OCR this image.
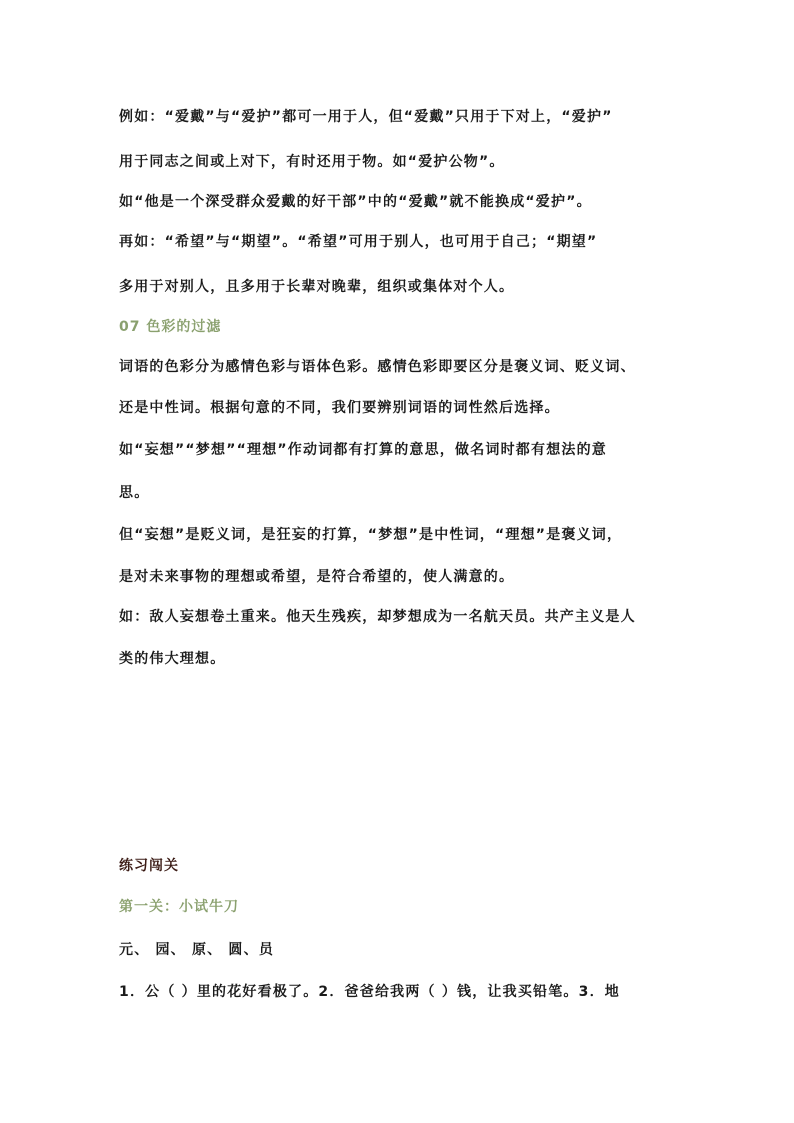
例如：“爱戴”与“爱护”都可一用于人，但“爱戴”只用于下对上，“爱护”
用于同志之间或上对下，有时还用于物。如“爱护公物”。
如“他是一个深受群众爱戴的好干部”中的“爱戴”就不能换成“爱护”。
再如：“希望”与“期望”。“希望”可用于别人，也可用于自己；“期望”
多用于对别人，且多用于长辈对晚辈，组织或集体对个人。
07 色彩的过滤
词语的色彩分为感情色彩与语体色彩。感情色彩即要区分是褒义词、贬义词、
还是中性词。根据句意的不同，我们要辨别词语的词性然后选择。
如“妄想”“梦想”“理想”作动词都有打算的意思，做名词时都有想法的意
思。
但“妄想”是贬义词，是狂妄的打算，“梦想”是中性词，“理想”是褒义词，
是对未来事物的理想或希望，是符合希望的，使人满意的。
如：敌人妄想卷土重来。他天生残疾，却梦想成为一名航天员。共产主义是人
类的伟大理想。
练习闯关
第一关：小试牛刀
元、 园、 原、 圆、员
1．公（ ）里的花好看极了。2．爸爸给我两（ ）钱，让我买铅笔。3．地
